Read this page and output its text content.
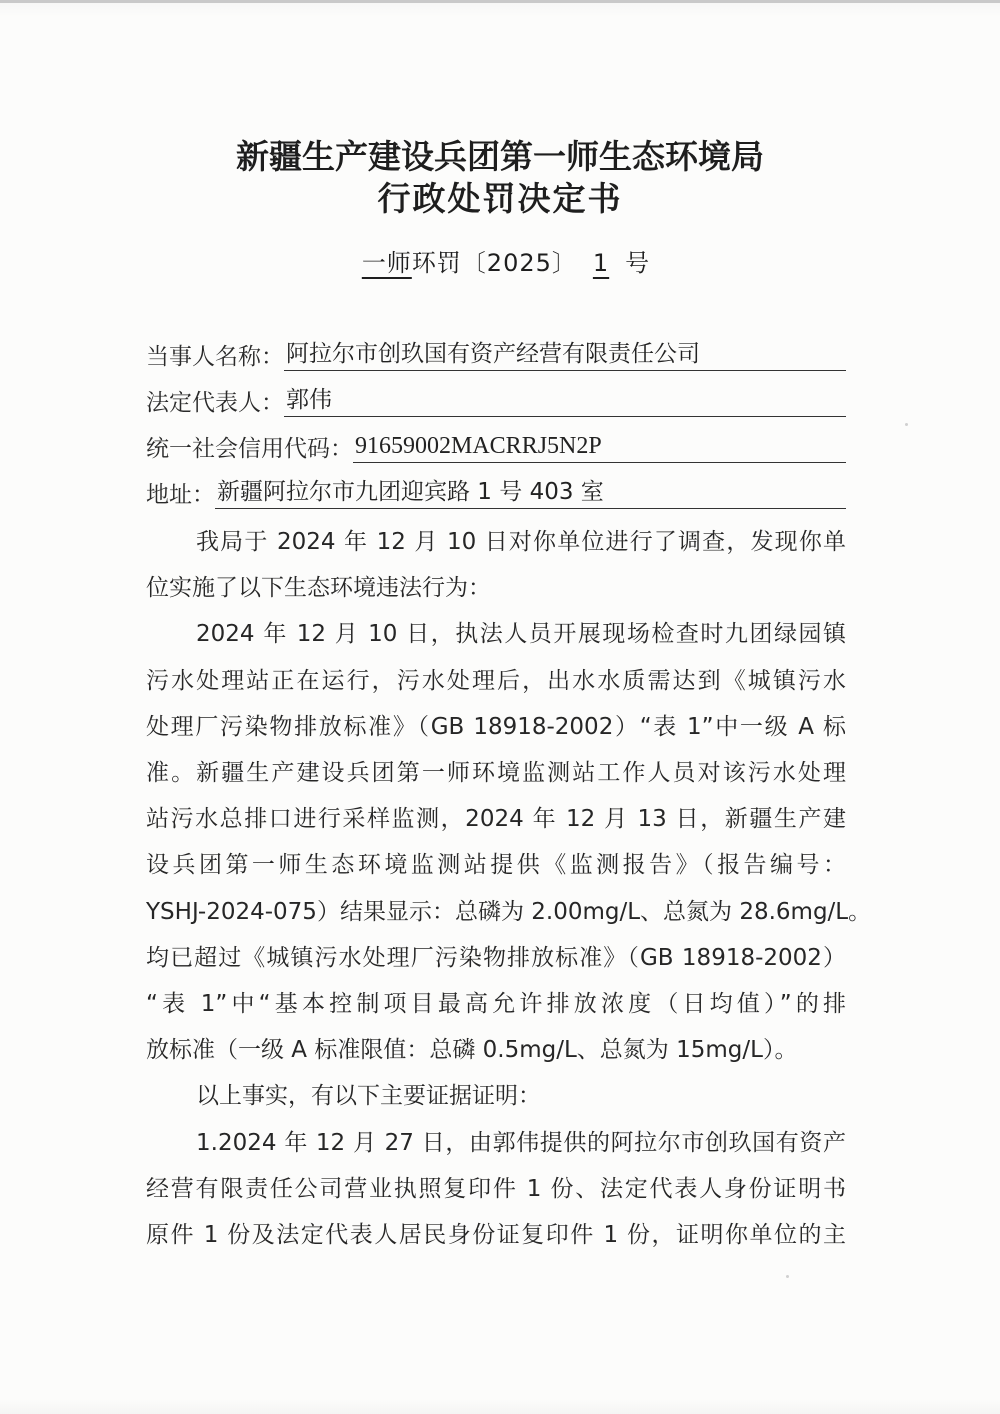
新疆生产建设兵团第一师生态环境局
行政处罚决定书
一师环罚〔2025〕 1 号
当事人名称： 阿拉尔市创玖国有资产经营有限责任公司
法定代表人： 郭伟
统一社会信用代码： 91659002MACRRJ5N2P
地址： 新疆阿拉尔市九团迎宾路 1 号 403 室
我局于 2024 年 12 月 10 日对你单位进行了调查，发现你单
位实施了以下生态环境违法行为：
2024 年 12 月 10 日，执法人员开展现场检查时九团绿园镇
污水处理站正在运行，污水处理后，出水水质需达到《城镇污水
处理厂污染物排放标准》（GB 18918-2002）“表 1”中一级 A 标
准。新疆生产建设兵团第一师环境监测站工作人员对该污水处理
站污水总排口进行采样监测，2024 年 12 月 13 日，新疆生产建
设兵团第一师生态环境监测站提供《监测报告》（报告编号：
YSHJ-2024-075）结果显示：总磷为 2.00mg/L、总氮为 28.6mg/L。
均已超过《城镇污水处理厂污染物排放标准》（GB 18918-2002）
“表 1”中“基本控制项目最高允许排放浓度（日均值）”的排
放标准（一级 A 标准限值：总磷 0.5mg/L、总氮为 15mg/L）。
以上事实，有以下主要证据证明：
1.2024 年 12 月 27 日，由郭伟提供的阿拉尔市创玖国有资产
经营有限责任公司营业执照复印件 1 份、法定代表人身份证明书
原件 1 份及法定代表人居民身份证复印件 1 份，证明你单位的主
